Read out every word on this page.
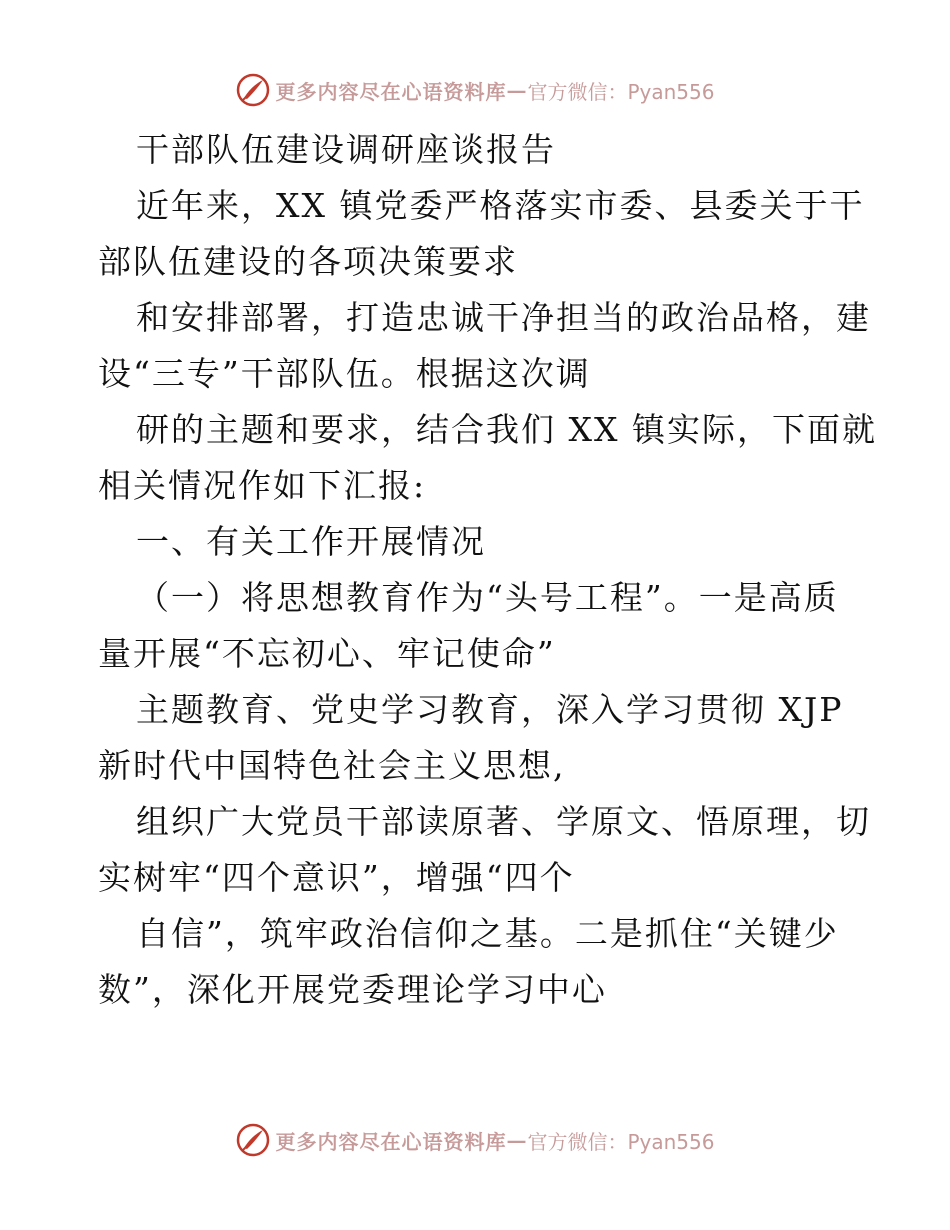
更多内容尽在心语资料库 — 官方微信：Pyan556
干部队伍建设调研座谈报告
近年来，XX 镇党委严格落实市委、县委关于干
部队伍建设的各项决策要求
和安排部署，打造忠诚干净担当的政治品格，建
设“三专”干部队伍。根据这次调
研的主题和要求，结合我们 XX 镇实际，下面就
相关情况作如下汇报:
一、有关工作开展情况
（一）将思想教育作为“头号工程”。一是高质
量开展“不忘初心、牢记使命”
主题教育、党史学习教育，深入学习贯彻 XJP
新时代中国特色社会主义思想,
组织广大党员干部读原著、学原文、悟原理，切
实树牢“四个意识”，增强“四个
自信”，筑牢政治信仰之基。二是抓住“关键少
数”，深化开展党委理论学习中心
更多内容尽在心语资料库 — 官方微信：Pyan556
